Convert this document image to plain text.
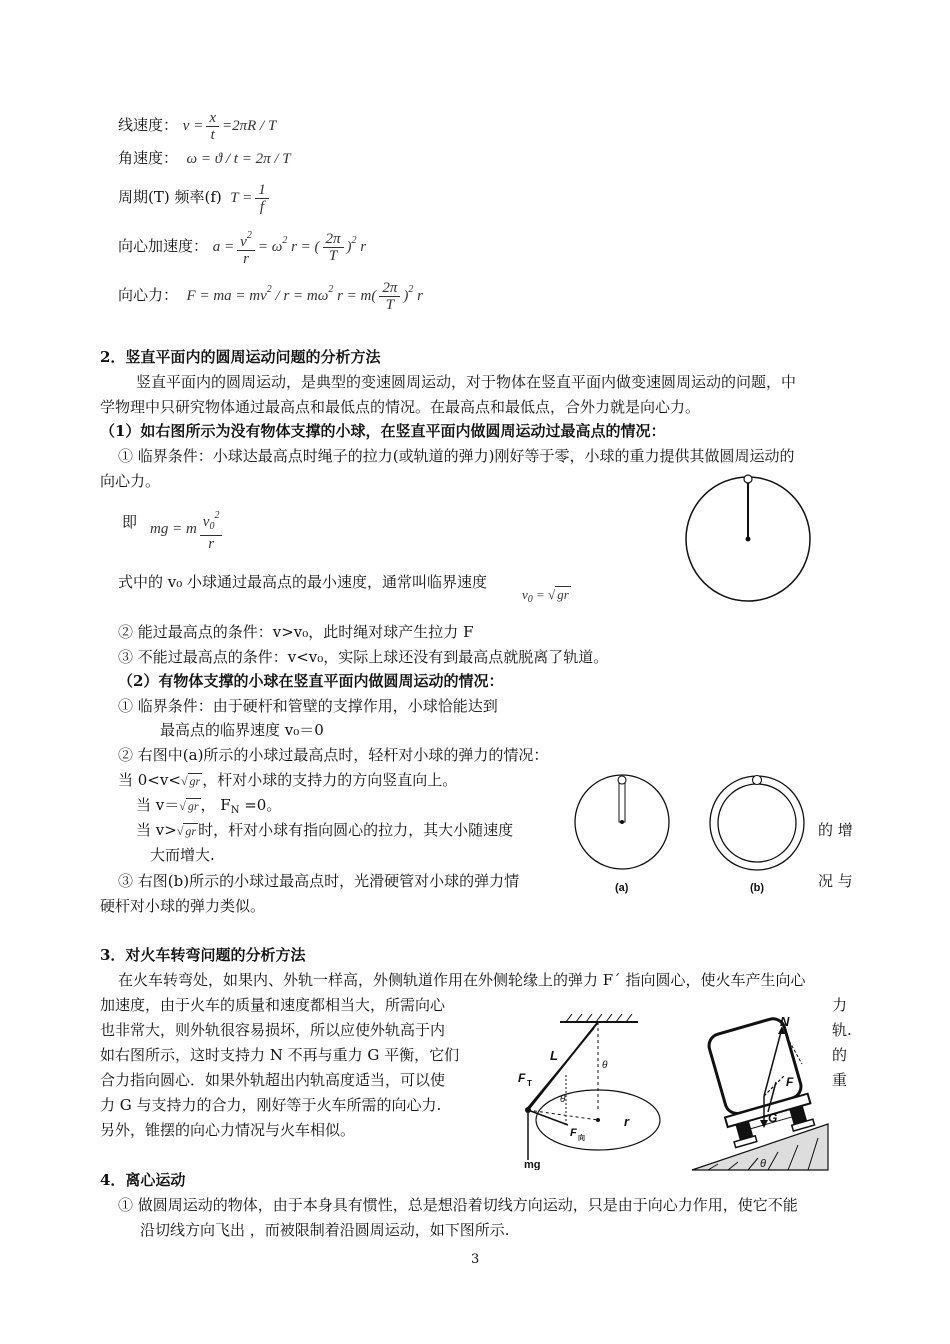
线速度： $v = \frac{x}{t} =2\pi R / T$
角速度：  ω = ϑ / t = 2π / T
周期(T) 频率(f)  $T = \frac{1}{f}$
向心加速度： $a = \frac{v^2}{r} = \omega^2$ r = ( $\frac{2\pi}{T} )^2$ r
向心力：  F = ma = $mv^2 / r = m\omega^2$ $r = m( \frac{2\pi}{T} )^2$ r
2．竖直平面内的圆周运动问题的分析方法
竖直平面内的圆周运动，是典型的变速圆周运动，对于物体在竖直平面内做变速圆周运动的问题，中
学物理中只研究物体通过最高点和最低点的情况。在最高点和最低点，合外力就是向心力。
（1）如右图所示为没有物体支撑的小球，在竖直平面内做圆周运动过最高点的情况：
① 临界条件：小球达最高点时绳子的拉力(或轨道的弹力)刚好等于零，小球的重力提供其做圆周运动的
向心力。
即 mg = m $\frac{v_0^2}{r}$
式中的 v₀ 小球通过最高点的最小速度，通常叫临界速度
$v_0$ = √ gr
② 能过最高点的条件：v>v₀，此时绳对球产生拉力 F
③ 不能过最高点的条件：v<v₀，实际上球还没有到最高点就脱离了轨道。
（2）有物体支撑的小球在竖直平面内做圆周运动的情况：
① 临界条件：由于硬杆和管壁的支撑作用，小球恰能达到
最高点的临界速度 v₀＝0
② 右图中(a)所示的小球过最高点时，轻杆对小球的弹力的情况：
当 0<v<√ gr ，杆对小球的支持力的方向竖直向上。
当 v＝√ gr ， $F_N =0$。
当 v>√ gr 时，杆对小球有指向圆心的拉力，其大小随速度	的 增
大而增大.
③ 右图(b)所示的小球过最高点时，光滑硬管对小球的弹力情	况 与
硬杆对小球的弹力类似。
(a)	(b)
3．对火车转弯问题的分析方法
在火车转弯处，如果内、外轨一样高，外侧轨道作用在外侧轮缘上的弹力 F´ 指向圆心，使火车产生向心
加速度，由于火车的质量和速度都相当大，所需向心	力
也非常大，则外轨很容易损坏，所以应使外轨高于内	轨.
如右图所示，这时支持力 N 不再与重力 G 平衡，它们	的
合力指向圆心．如果外轨超出内轨高度适当，可以使	重
力 G 与支持力的合力，刚好等于火车所需的向心力.
另外，锥摆的向心力情况与火车相似。
L
F T
θ
θ
r
F 向
mg
N
F
G
θ
4．离心运动
① 做圆周运动的物体，由于本身具有惯性，总是想沿着切线方向运动，只是由于向心力作用，使它不能
沿切线方向飞出 ，而被限制着沿圆周运动，如下图所示.
3
